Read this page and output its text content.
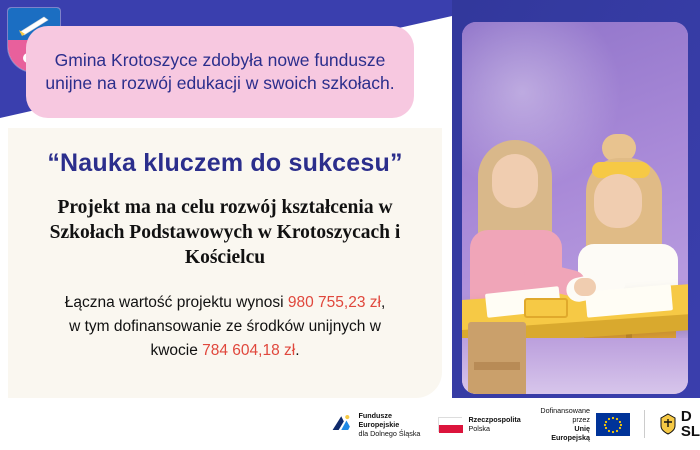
Gmina Krotoszyce zdobyła nowe fundusze unijne na rozwój edukacji w swoich szkołach.
“Nauka kluczem do sukcesu”
Projekt ma na celu rozwój kształcenia w Szkołach Podstawowych w Krotoszycach i Kościelcu
Łączna wartość projektu wynosi 980 755,23 zł,
w tym dofinansowanie ze środków unijnych w
kwocie 784 604,18 zł.
Fundusze Europejskie
dla Dolnego Śląska
Rzeczpospolita
Polska
Dofinansowane przez
Unię Europejską
D
SL
